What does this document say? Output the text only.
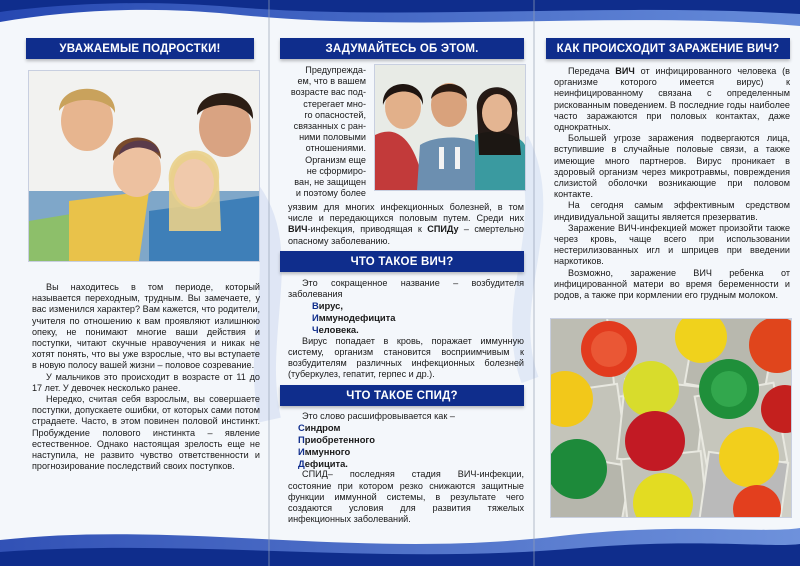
УВАЖАЕМЫЕ ПОДРОСТКИ!

Вы находитесь в том периоде, который называется переходным, трудным. Вы замечаете, у вас изменился характер? Вам кажется, что родители, учителя по отношению к вам проявляют излишнюю опеку, не понимают многие ваши действия и поступки, читают скучные нравоучения и никак не хотят понять, что вы уже взрослые, что вы вступаете в новую полосу вашей жизни – половое созревание.

У мальчиков это происходит в возрасте от 11 до 17 лет. У девочек несколько ранее.

Нередко, считая себя взрослым, вы совершаете поступки, допускаете ошибки, от которых сами потом страдаете. Часто, в этом повинен половой инстинкт. Пробуждение полового инстинкта – явление естественное. Однако настоящая зрелость еще не наступила, не развито чувство ответственности и прогнозирование последствий своих поступков.

ЗАДУМАЙТЕСЬ ОБ ЭТОМ.
Предупрежда-
ем, что в вашем
возрасте вас под-
стерегает мно-
го опасностей,
связанных с ран-
ними половыми
отношениями.
Организм еще
не сформиро-
ван, не защищен
и поэтому более
уязвим для многих инфекционных болезней, в том числе и передающихся половым путем. Среди них ВИЧ-инфекция, приводящая к СПИДу – смертельно опасному заболеванию.
ЧТО ТАКОЕ ВИЧ?
Это сокращенное название – возбудителя заболевания
Вирус,
Иммунодефицита
Человека.

Вирус попадает в кровь, поражает иммунную систему, организм становится восприимчивым к возбудителям различных инфекционных болезней (туберкулез, гепатит, герпес и др.).

ЧТО ТАКОЕ СПИД?
Это слово расшифровывается как –
Синдром
Приобретенного
Иммунного
Дефицита.

СПИД– последняя стадия ВИЧ-инфекции, состояние при котором резко снижаются защитные функции иммунной системы, в результате чего создаются условия для развития тяжелых инфекционных заболеваний.

КАК ПРОИСХОДИТ ЗАРАЖЕНИЕ ВИЧ?

Передача ВИЧ от инфицированного человека (в организме которого имеется вирус) к неинфицированному связана с определенным рискованным поведением. В последние годы наиболее часто заражаются при половых контактах, даже однократных.

Большей угрозе заражения подвергаются лица, вступившие в случайные половые связи, а также имеющие много партнеров. Вирус проникает в здоровый организм через микротравмы, повреждения слизистой оболочки возникающие при половом контакте.

На сегодня самым эффективным средством индивидуальной защиты является презерватив.

Заражение ВИЧ-инфекцией может произойти также через кровь, чаще всего при использовании нестерилизованных игл и шприцев при введении наркотиков.

Возможно, заражение ВИЧ ребенка от инфицированной матери во время беременности и родов, а также при кормлении его грудным молоком.
